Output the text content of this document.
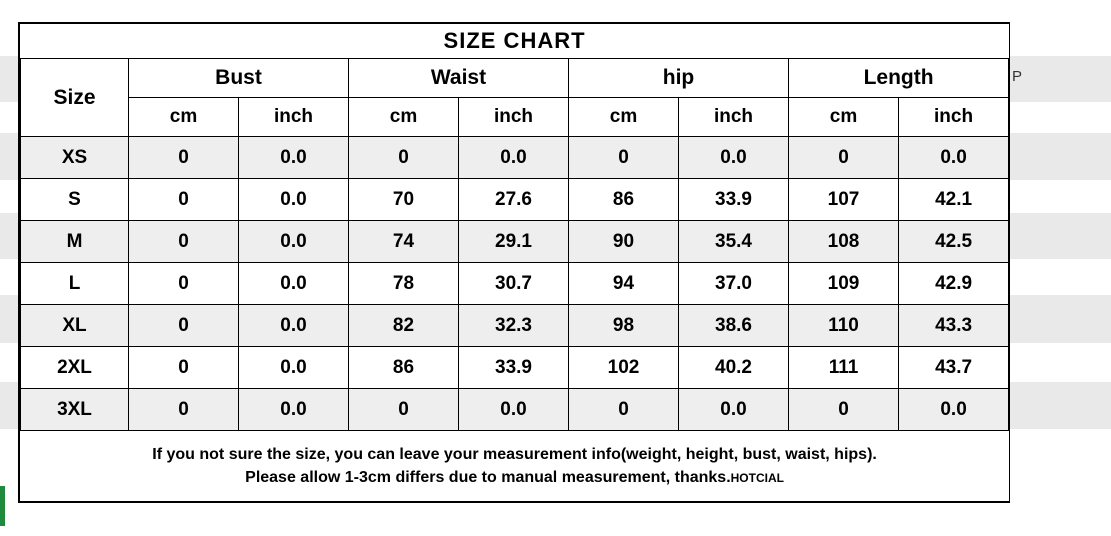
P
SIZE CHART								
Size	Bust		Waist		hip		Length	
	cm	inch	cm	inch	cm	inch	cm	inch
XS	0	0.0	0	0.0	0	0.0	0	0.0
S	0	0.0	70	27.6	86	33.9	107	42.1
M	0	0.0	74	29.1	90	35.4	108	42.5
L	0	0.0	78	30.7	94	37.0	109	42.9
XL	0	0.0	82	32.3	98	38.6	110	43.3
2XL	0	0.0	86	33.9	102	40.2	111	43.7
3XL	0	0.0	0	0.0	0	0.0	0	0.0

If you not sure the size, you can leave your measurement info(weight, height, bust, waist, hips).
Please allow 1-3cm differs due to manual measurement, thanks.HOTCIAL								
